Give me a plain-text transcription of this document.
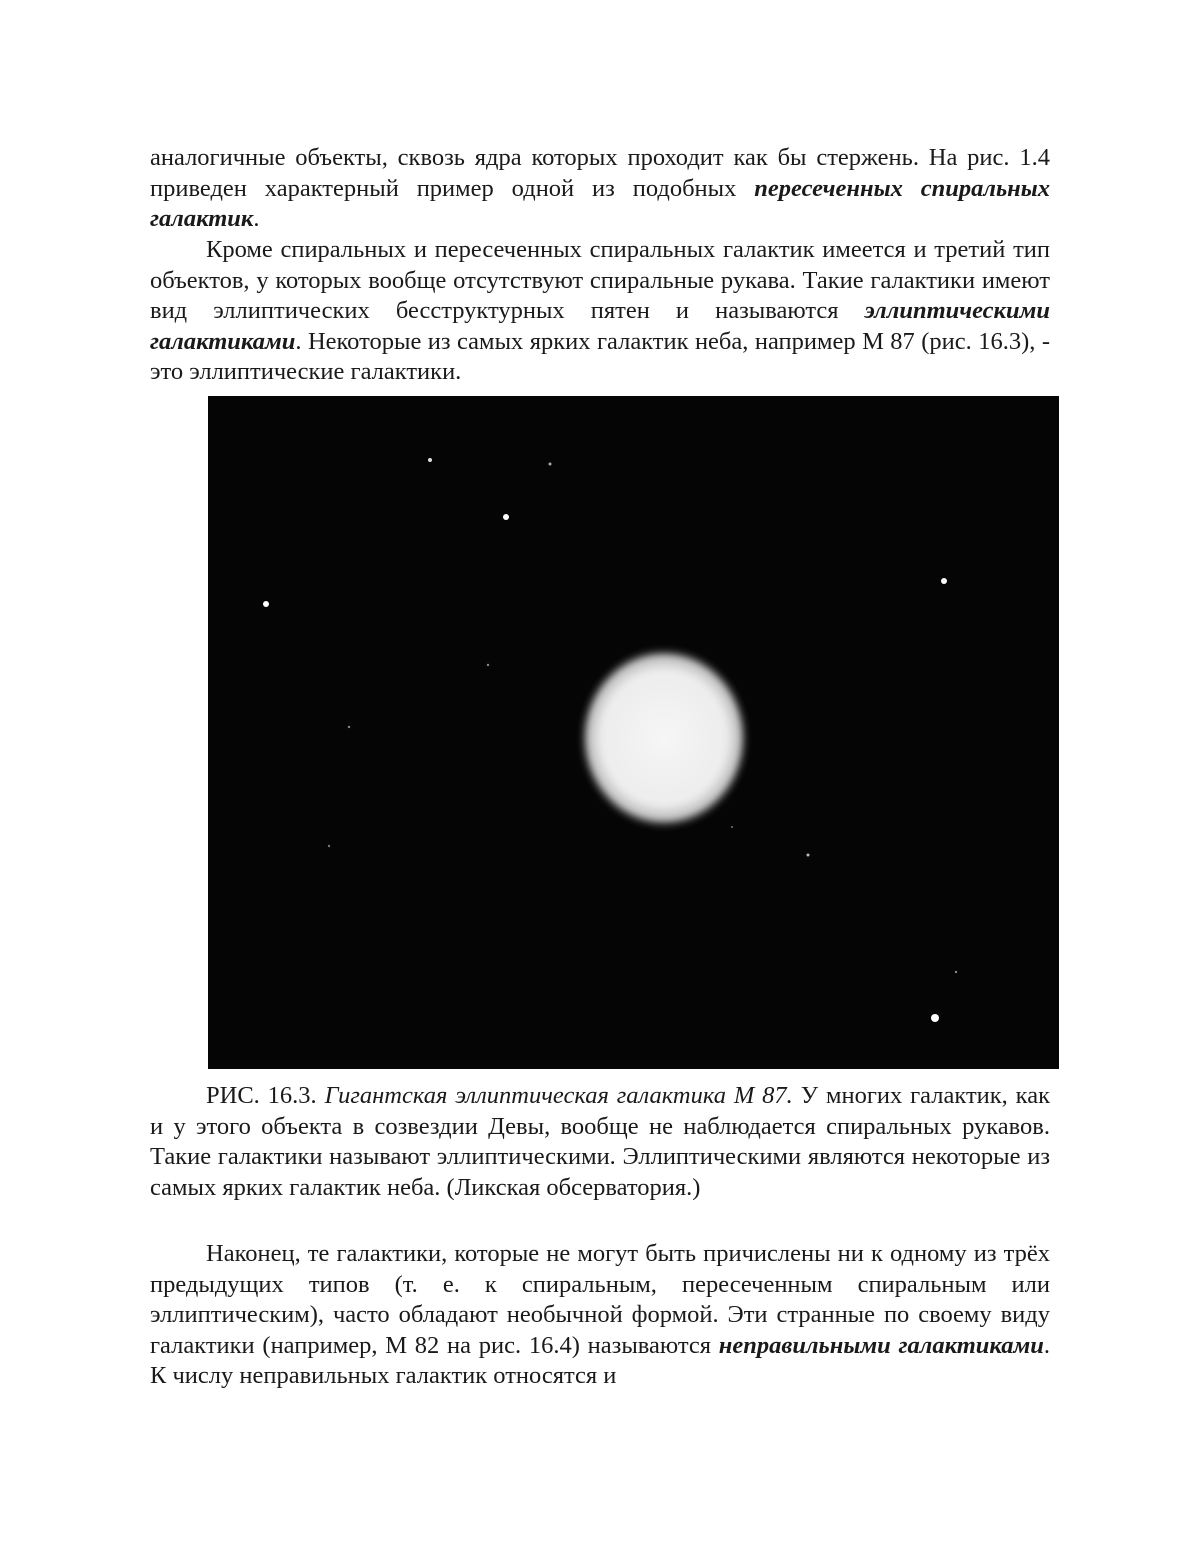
аналогичные объекты, сквозь ядра которых проходит как бы стержень. На рис. 1.4 приведен характерный пример одной из подобных пересеченных спиральных галактик.

Кроме спиральных и пересеченных спиральных галактик имеется и третий тип объектов, у которых вообще отсутствуют спиральные рукава. Такие галактики имеют вид эллиптических бесструктурных пятен и называются эллиптическими галактиками. Некоторые из самых ярких галактик неба, например М 87 (рис. 16.3), - это эллиптические галактики.

РИС. 16.3. Гигантская эллиптическая галактика М 87. У многих галактик, как и у этого объекта в созвездии Девы, вообще не наблюдается спиральных рукавов. Такие галактики называют эллиптическими. Эллиптическими являются некоторые из самых ярких галактик неба. (Ликская обсерватория.)

Наконец, те галактики, которые не могут быть причислены ни к одному из трёх предыдущих типов (т. е. к спиральным, пересеченным спиральным или эллиптическим), часто обладают необычной формой. Эти странные по своему виду галактики (например, М 82 на рис. 16.4) называются неправильными галактиками. К числу неправильных галактик относятся и
